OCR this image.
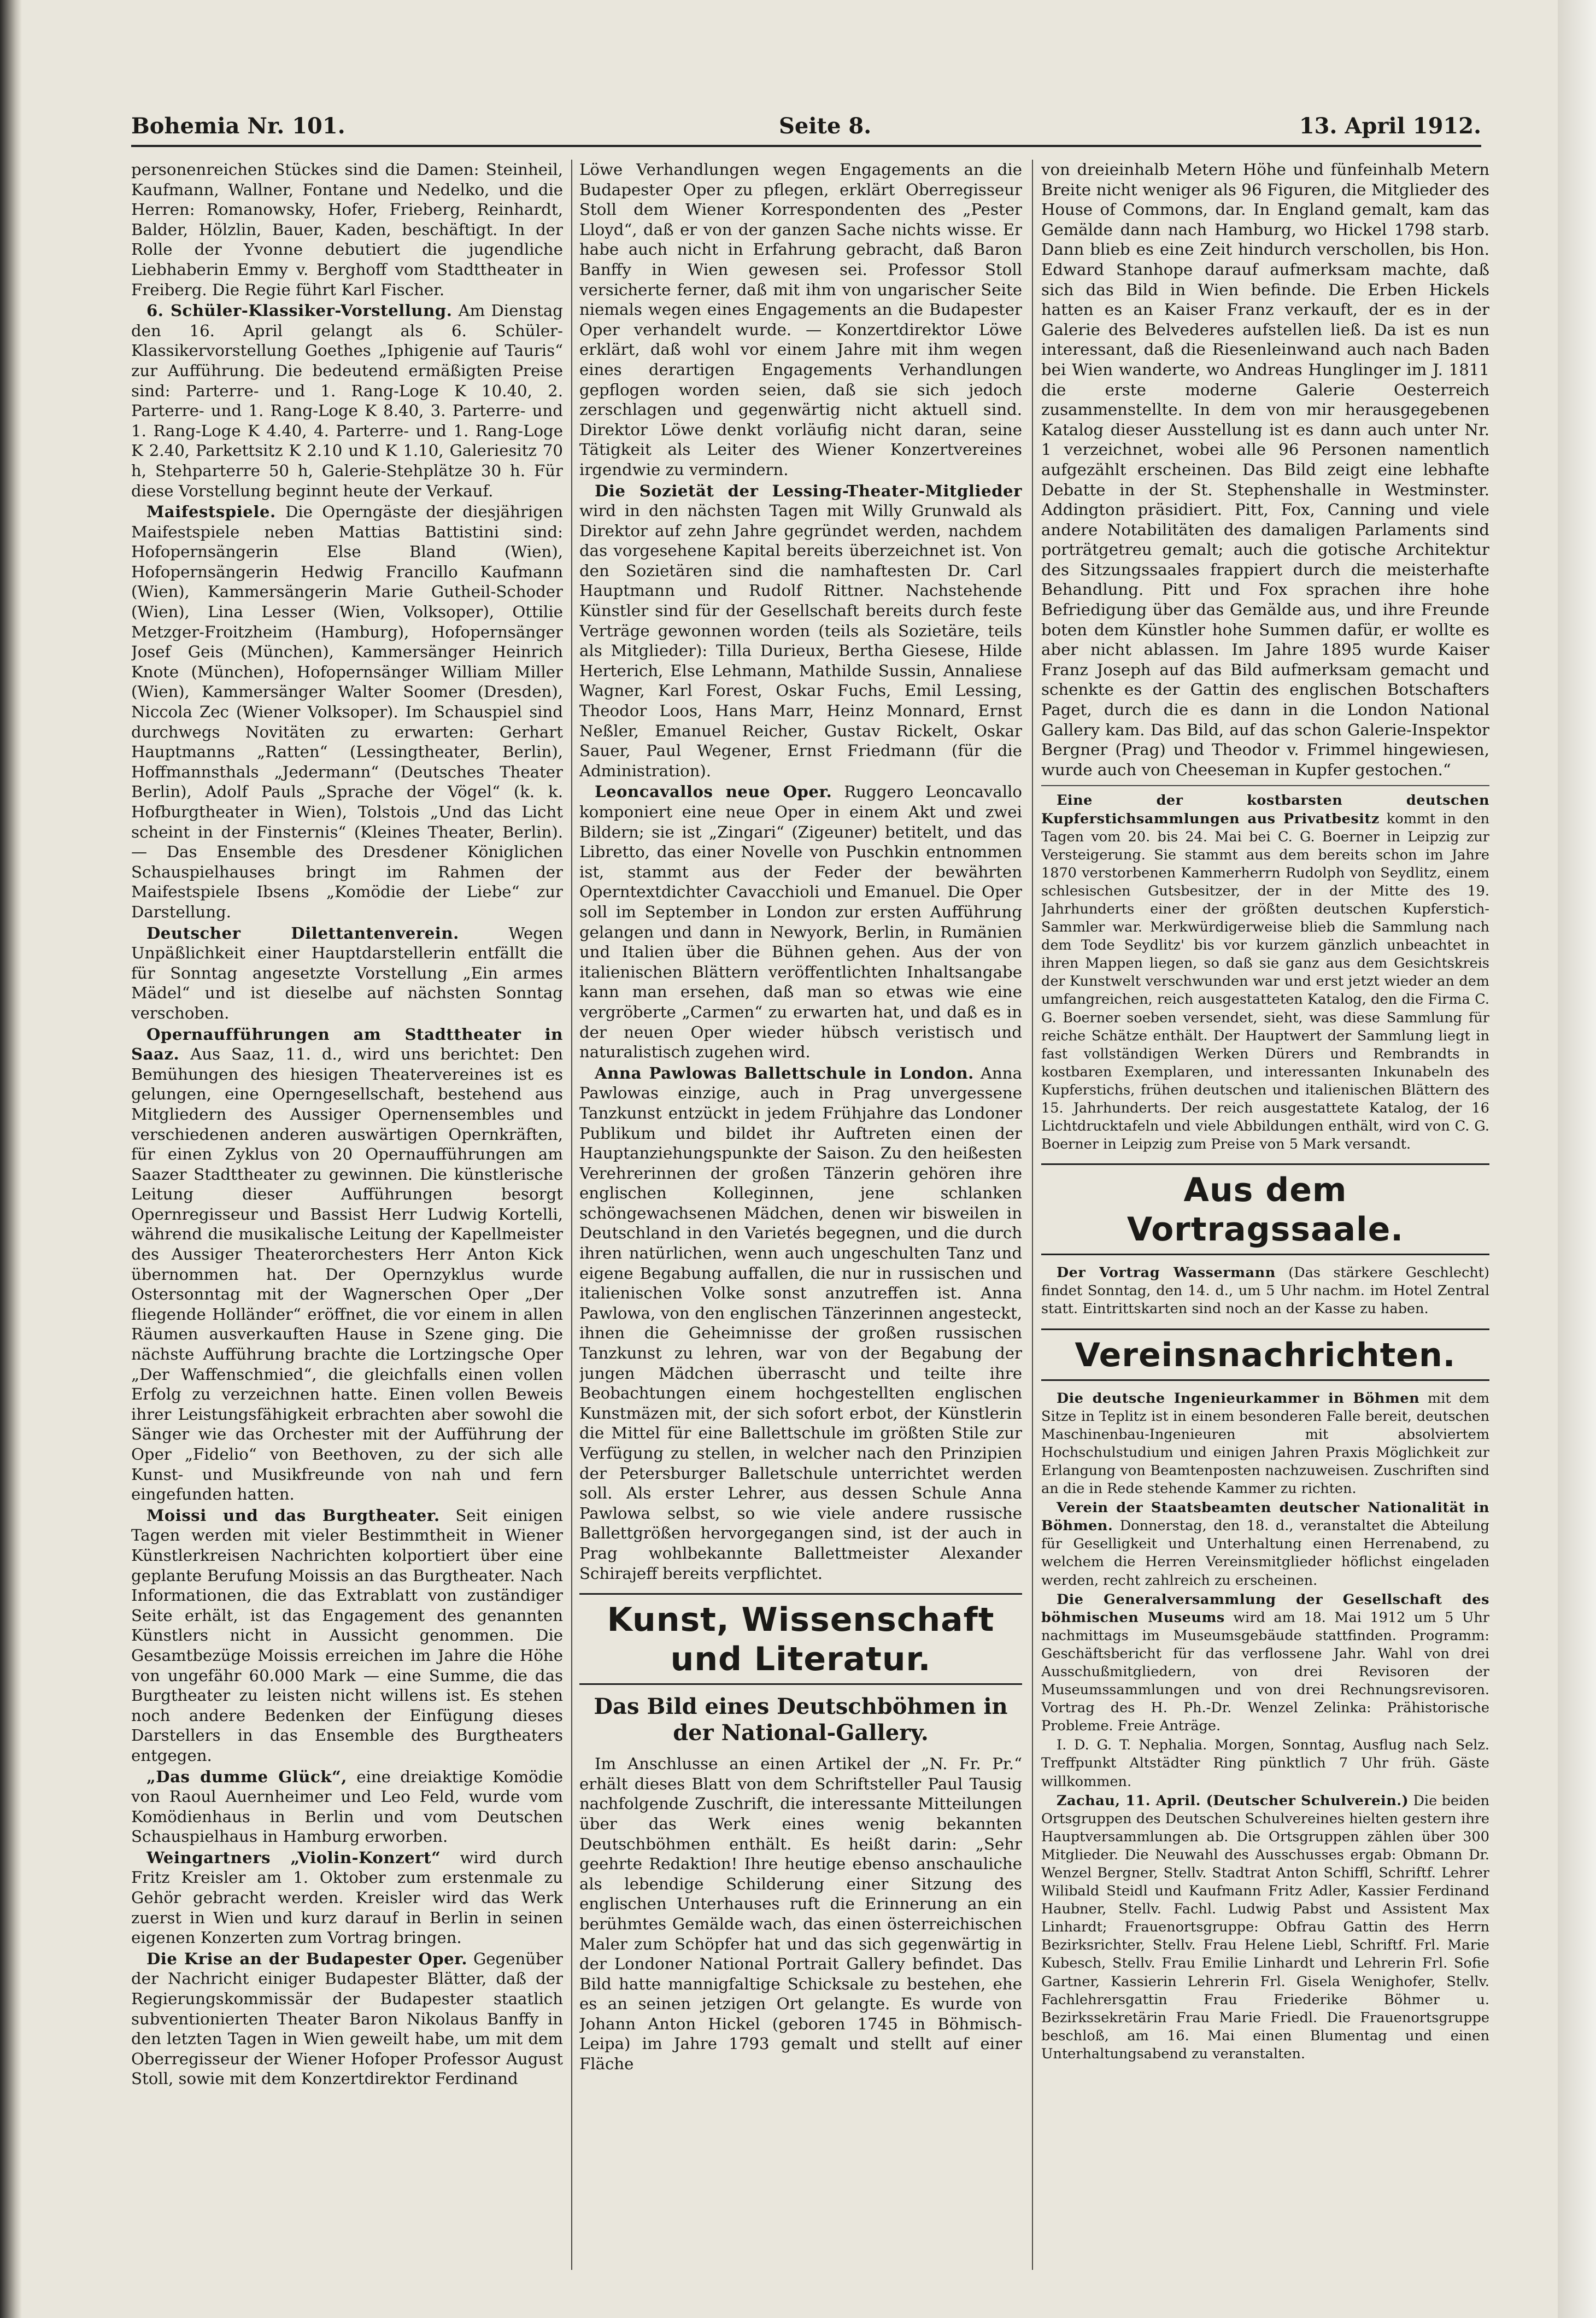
Bohemia Nr. 101.	Seite 8.	13. April 1912.

personenreichen Stückes sind die Damen: Steinheil, Kaufmann, Wallner, Fontane und Nedelko, und die Herren: Romanowsky, Hofer, Frieberg, Reinhardt, Balder, Hölzlin, Bauer, Kaden, beschäftigt. In der Rolle der Yvonne debutiert die jugendliche Liebhaberin Emmy v. Berghoff vom Stadttheater in Freiberg. Die Regie führt Karl Fischer.

6. Schüler-Klassiker-Vorstellung. Am Dienstag den 16. April gelangt als 6. Schüler-Klassikervorstellung Goethes „Iphigenie auf Tauris“ zur Aufführung. Die bedeutend ermäßigten Preise sind: Parterre- und 1. Rang-Loge K 10.40, 2. Parterre- und 1. Rang-Loge K 8.40, 3. Parterre- und 1. Rang-Loge K 4.40, 4. Parterre- und 1. Rang-Loge K 2.40, Parkettsitz K 2.10 und K 1.10, Galeriesitz 70 h, Stehparterre 50 h, Galerie-Stehplätze 30 h. Für diese Vorstellung beginnt heute der Verkauf.

Maifestspiele. Die Operngäste der diesjährigen Maifestspiele neben Mattias Battistini sind: Hofopernsängerin Else Bland (Wien), Hofopernsängerin Hedwig Francillo Kaufmann (Wien), Kammersängerin Marie Gutheil-Schoder (Wien), Lina Lesser (Wien, Volksoper), Ottilie Metzger-Froitzheim (Hamburg), Hofopernsänger Josef Geis (München), Kammersänger Heinrich Knote (München), Hofopernsänger William Miller (Wien), Kammersänger Walter Soomer (Dresden), Niccola Zec (Wiener Volksoper). Im Schauspiel sind durchwegs Novitäten zu erwarten: Gerhart Hauptmanns „Ratten“ (Lessingtheater, Berlin), Hoffmannsthals „Jedermann“ (Deutsches Theater Berlin), Adolf Pauls „Sprache der Vögel“ (k. k. Hofburgtheater in Wien), Tolstois „Und das Licht scheint in der Finsternis“ (Kleines Theater, Berlin). — Das Ensemble des Dresdener Königlichen Schauspielhauses bringt im Rahmen der Maifestspiele Ibsens „Komödie der Liebe“ zur Darstellung.

Deutscher Dilettantenverein.	Wegen Unpäßlichkeit einer Hauptdarstellerin entfällt die für Sonntag angesetzte Vorstellung „Ein armes Mädel“ und ist dieselbe auf nächsten Sonntag verschoben.

Opernaufführungen am Stadttheater in Saaz. Aus Saaz, 11. d., wird uns berichtet: Den Bemühungen des hiesigen Theatervereines ist es gelungen, eine Operngesellschaft, bestehend aus Mitgliedern des Aussiger Opernensembles und verschiedenen anderen auswärtigen Opernkräften, für einen Zyklus von 20 Opernaufführungen am Saazer Stadttheater zu gewinnen. Die künstlerische Leitung dieser Aufführungen besorgt Opernregisseur und Bassist Herr Ludwig Kortelli, während die musikalische Leitung der Kapellmeister des Aussiger Theaterorchesters Herr Anton Kick übernommen hat. Der Opernzyklus wurde Ostersonntag mit der Wagnerschen Oper „Der fliegende Holländer“ eröffnet, die vor einem in allen Räumen ausverkauften Hause in Szene ging. Die nächste Aufführung brachte die Lortzingsche Oper „Der Waffenschmied“, die gleichfalls einen vollen Erfolg zu verzeichnen hatte. Einen vollen Beweis ihrer Leistungsfähigkeit erbrachten aber sowohl die Sänger wie das Orchester mit der Aufführung der Oper „Fidelio“ von Beethoven, zu der sich alle Kunst- und Musikfreunde von nah und fern eingefunden hatten.

Moissi und das Burgtheater. Seit einigen Tagen werden mit vieler Bestimmtheit in Wiener Künstlerkreisen Nachrichten kolportiert über eine geplante Berufung Moissis an das Burgtheater. Nach Informationen, die das Extrablatt von zuständiger Seite erhält, ist das Engagement des genannten Künstlers nicht in Aussicht genommen. Die Gesamtbezüge Moissis erreichen im Jahre die Höhe von ungefähr 60.000 Mark — eine Summe, die das Burgtheater zu leisten nicht willens ist. Es stehen noch andere Bedenken der Einfügung dieses Darstellers in das Ensemble des Burgtheaters entgegen.

„Das dumme Glück“, eine dreiaktige Komödie von Raoul Auernheimer und Leo Feld, wurde vom Komödienhaus in Berlin und vom Deutschen Schauspielhaus in Hamburg erworben.

Weingartners „Violin-Konzert“ wird durch Fritz Kreisler am 1. Oktober zum erstenmale zu Gehör gebracht werden. Kreisler wird das Werk zuerst in Wien und kurz darauf in Berlin in seinen eigenen Konzerten zum Vortrag bringen.

Die Krise an der Budapester Oper. Gegenüber der Nachricht einiger Budapester Blätter, daß der Regierungskommissär der Budapester staatlich subventionierten Theater Baron Nikolaus Banffy in den letzten Tagen in Wien geweilt habe, um mit dem Oberregisseur der Wiener Hofoper Professor August Stoll, sowie mit dem Konzertdirektor Ferdinand

Löwe Verhandlungen wegen Engagements an die Budapester Oper zu pflegen, erklärt Oberregisseur Stoll dem Wiener Korrespondenten des „Pester Lloyd“, daß er von der ganzen Sache nichts wisse. Er habe auch nicht in Erfahrung gebracht, daß Baron Banffy in Wien gewesen sei. Professor Stoll versicherte ferner, daß mit ihm von ungarischer Seite niemals wegen eines Engagements an die Budapester Oper verhandelt wurde. — Konzertdirektor Löwe erklärt, daß wohl vor einem Jahre mit ihm wegen eines derartigen Engagements Verhandlungen gepflogen worden seien, daß sie sich jedoch zerschlagen und gegenwärtig nicht aktuell sind. Direktor Löwe denkt vorläufig nicht daran, seine Tätigkeit als Leiter des Wiener Konzertvereines irgendwie zu vermindern.

Die Sozietät der Lessing-Theater-Mitglieder wird in den nächsten Tagen mit Willy Grunwald als Direktor auf zehn Jahre gegründet werden, nachdem das vorgesehene Kapital bereits überzeichnet ist. Von den Sozietären sind die namhaftesten Dr. Carl Hauptmann und Rudolf Rittner. Nachstehende Künstler sind für der Gesellschaft bereits durch feste Verträge gewonnen worden (teils als Sozietäre, teils als Mitglieder): Tilla Durieux, Bertha Giesese, Hilde Herterich, Else Lehmann, Mathilde Sussin, Annaliese Wagner, Karl Forest, Oskar Fuchs, Emil Lessing, Theodor Loos, Hans Marr, Heinz Monnard, Ernst Neßler, Emanuel Reicher, Gustav Rickelt, Oskar Sauer, Paul Wegener, Ernst Friedmann (für die Administration).

Leoncavallos neue Oper. Ruggero Leoncavallo komponiert eine neue Oper in einem Akt und zwei Bildern; sie ist „Zingari“ (Zigeuner) betitelt, und das Libretto, das einer Novelle von Puschkin entnommen ist, stammt aus der Feder der bewährten Operntextdichter Cavacchioli und Emanuel. Die Oper soll im September in London zur ersten Aufführung gelangen und dann in Newyork, Berlin, in Rumänien und Italien über die Bühnen gehen. Aus der von italienischen Blättern veröffentlichten Inhaltsangabe kann man ersehen, daß man so etwas wie eine vergröberte „Carmen“ zu erwarten hat, und daß es in der neuen Oper wieder hübsch veristisch und naturalistisch zugehen wird.

Anna Pawlowas Ballettschule in London. Anna Pawlowas einzige, auch in Prag unvergessene Tanzkunst entzückt in jedem Frühjahre das Londoner Publikum und bildet ihr Auftreten einen der Hauptanziehungspunkte der Saison. Zu den heißesten Verehrerinnen der großen Tänzerin gehören ihre englischen Kolleginnen, jene schlanken schöngewachsenen Mädchen, denen wir bisweilen in Deutschland in den Varietés begegnen, und die durch ihren natürlichen, wenn auch ungeschulten Tanz und eigene Begabung auffallen, die nur in russischen und italienischen Volke sonst anzutreffen ist. Anna Pawlowa, von den englischen Tänzerinnen angesteckt, ihnen die Geheimnisse der großen russischen Tanzkunst zu lehren, war von der Begabung der jungen Mädchen überrascht und teilte ihre Beobachtungen einem hochgestellten englischen Kunstmäzen mit, der sich sofort erbot, der Künstlerin die Mittel für eine Ballettschule im größten Stile zur Verfügung zu stellen, in welcher nach den Prinzipien der Petersburger Balletschule unterrichtet werden soll. Als erster Lehrer, aus dessen Schule Anna Pawlowa selbst, so wie viele andere russische Ballettgrößen hervorgegangen sind, ist der auch in Prag wohlbekannte Ballettmeister Alexander Schirajeff bereits verpflichtet.

Kunst, Wissenschaft und Literatur.
Das Bild eines Deutschböhmen in der National-Gallery.

Im Anschlusse an einen Artikel der „N. Fr. Pr.“ erhält dieses Blatt von dem Schriftsteller Paul Tausig nachfolgende Zuschrift, die interessante Mitteilungen über das Werk eines wenig bekannten Deutschböhmen enthält. Es heißt darin: „Sehr geehrte Redaktion! Ihre heutige ebenso anschauliche als lebendige Schilderung einer Sitzung des englischen Unterhauses ruft die Erinnerung an ein berühmtes Gemälde wach, das einen österreichischen Maler zum Schöpfer hat und das sich gegenwärtig in der Londoner National Portrait Gallery befindet. Das Bild hatte mannigfaltige Schicksale zu bestehen, ehe es an seinen jetzigen Ort gelangte. Es wurde von Johann Anton Hickel (geboren 1745 in Böhmisch-Leipa) im Jahre 1793 gemalt und stellt auf einer Fläche

von dreieinhalb Metern Höhe und fünfeinhalb Metern Breite nicht weniger als 96 Figuren, die Mitglieder des House of Commons, dar. In England gemalt, kam das Gemälde dann nach Hamburg, wo Hickel 1798 starb. Dann blieb es eine Zeit hindurch verschollen, bis Hon. Edward Stanhope darauf aufmerksam machte, daß sich das Bild in Wien befinde. Die Erben Hickels hatten es an Kaiser Franz verkauft, der es in der Galerie des Belvederes aufstellen ließ. Da ist es nun interessant, daß die Riesenleinwand auch nach Baden bei Wien wanderte, wo Andreas Hunglinger im J. 1811 die erste moderne Galerie Oesterreich zusammenstellte. In dem von mir herausgegebenen Katalog dieser Ausstellung ist es dann auch unter Nr. 1 verzeichnet, wobei alle 96 Personen namentlich aufgezählt erscheinen. Das Bild zeigt eine lebhafte Debatte in der St. Stephenshalle in Westminster. Addington präsidiert. Pitt, Fox, Canning und viele andere Notabilitäten des damaligen Parlaments sind porträtgetreu gemalt; auch die gotische Architektur des Sitzungssaales frappiert durch die meisterhafte Behandlung. Pitt und Fox sprachen ihre hohe Befriedigung über das Gemälde aus, und ihre Freunde boten dem Künstler hohe Summen dafür, er wollte es aber nicht ablassen. Im Jahre 1895 wurde Kaiser Franz Joseph auf das Bild aufmerksam gemacht und schenkte es der Gattin des englischen Botschafters Paget, durch die es dann in die London National Gallery kam. Das Bild, auf das schon Galerie-Inspektor Bergner (Prag) und Theodor v. Frimmel hingewiesen, wurde auch von Cheeseman in Kupfer gestochen.“

Eine der kostbarsten deutschen Kupferstichsammlungen aus Privatbesitz kommt in den Tagen vom 20. bis 24. Mai bei C. G. Boerner in Leipzig zur Versteigerung. Sie stammt aus dem bereits schon im Jahre 1870 verstorbenen Kammerherrn Rudolph von Seydlitz, einem schlesischen Gutsbesitzer, der in der Mitte des 19. Jahrhunderts einer der größten deutschen Kupferstich-Sammler war. Merkwürdigerweise blieb die Sammlung nach dem Tode Seydlitz' bis vor kurzem gänzlich unbeachtet in ihren Mappen liegen, so daß sie ganz aus dem Gesichtskreis der Kunstwelt verschwunden war und erst jetzt wieder an dem umfangreichen, reich ausgestatteten Katalog, den die Firma C. G. Boerner soeben versendet, sieht, was diese Sammlung für reiche Schätze enthält. Der Hauptwert der Sammlung liegt in fast vollständigen Werken Dürers und Rembrandts in kostbaren Exemplaren, und interessanten Inkunabeln des Kupferstichs, frühen deutschen und italienischen Blättern des 15. Jahrhunderts. Der reich ausgestattete Katalog, der 16 Lichtdrucktafeln und viele Abbildungen enthält, wird von C. G. Boerner in Leipzig zum Preise von 5 Mark versandt.

Aus dem Vortragssaale.

Der Vortrag Wassermann (Das stärkere Geschlecht) findet Sonntag, den 14. d., um 5 Uhr nachm. im Hotel Zentral statt. Eintrittskarten sind noch an der Kasse zu haben.

Vereinsnachrichten.

Die deutsche Ingenieurkammer in Böhmen mit dem Sitze in Teplitz ist in einem besonderen Falle bereit, deutschen Maschinenbau-Ingenieuren mit absolviertem Hochschulstudium und einigen Jahren Praxis Möglichkeit zur Erlangung von Beamtenposten nachzuweisen. Zuschriften sind an die in Rede stehende Kammer zu richten.

Verein der Staatsbeamten deutscher Nationalität in Böhmen. Donnerstag, den 18. d., veranstaltet die Abteilung für Geselligkeit und Unterhaltung einen Herrenabend, zu welchem die Herren Vereinsmitglieder höflichst eingeladen werden, recht zahlreich zu erscheinen.

Die Generalversammlung der Gesellschaft des böhmischen Museums wird am 18. Mai 1912 um 5 Uhr nachmittags im Museumsgebäude stattfinden. Programm: Geschäftsbericht für das verflossene Jahr. Wahl von drei Ausschußmitgliedern, von drei Revisoren der Museumssammlungen und von drei Rechnungsrevisoren. Vortrag des H. Ph.-Dr. Wenzel Zelinka: Prähistorische Probleme. Freie Anträge.

I. D. G. T. Nephalia. Morgen, Sonntag, Ausflug nach Selz. Treffpunkt Altstädter Ring pünktlich 7 Uhr früh. Gäste willkommen.

Zachau, 11. April. (Deutscher Schulverein.) Die beiden Ortsgruppen des Deutschen Schulvereines hielten gestern ihre Hauptversammlungen ab. Die Ortsgruppen zählen über 300 Mitglieder. Die Neuwahl des Ausschusses ergab: Obmann Dr. Wenzel Bergner, Stellv. Stadtrat Anton Schiffl, Schriftf. Lehrer Wilibald Steidl und Kaufmann Fritz Adler, Kassier Ferdinand Haubner, Stellv. Fachl. Ludwig Pabst und Assistent Max Linhardt; Frauenortsgruppe: Obfrau Gattin des Herrn Bezirksrichter, Stellv. Frau Helene Liebl, Schriftf. Frl. Marie Kubesch, Stellv. Frau Emilie Linhardt und Lehrerin Frl. Sofie Gartner, Kassierin Lehrerin Frl. Gisela Wenighofer, Stellv. Fachlehrersgattin Frau Friederike Böhmer u. Bezirkssekretärin Frau Marie Friedl. Die Frauenortsgruppe beschloß, am 16. Mai einen Blumentag und einen Unterhaltungsabend zu veranstalten.
